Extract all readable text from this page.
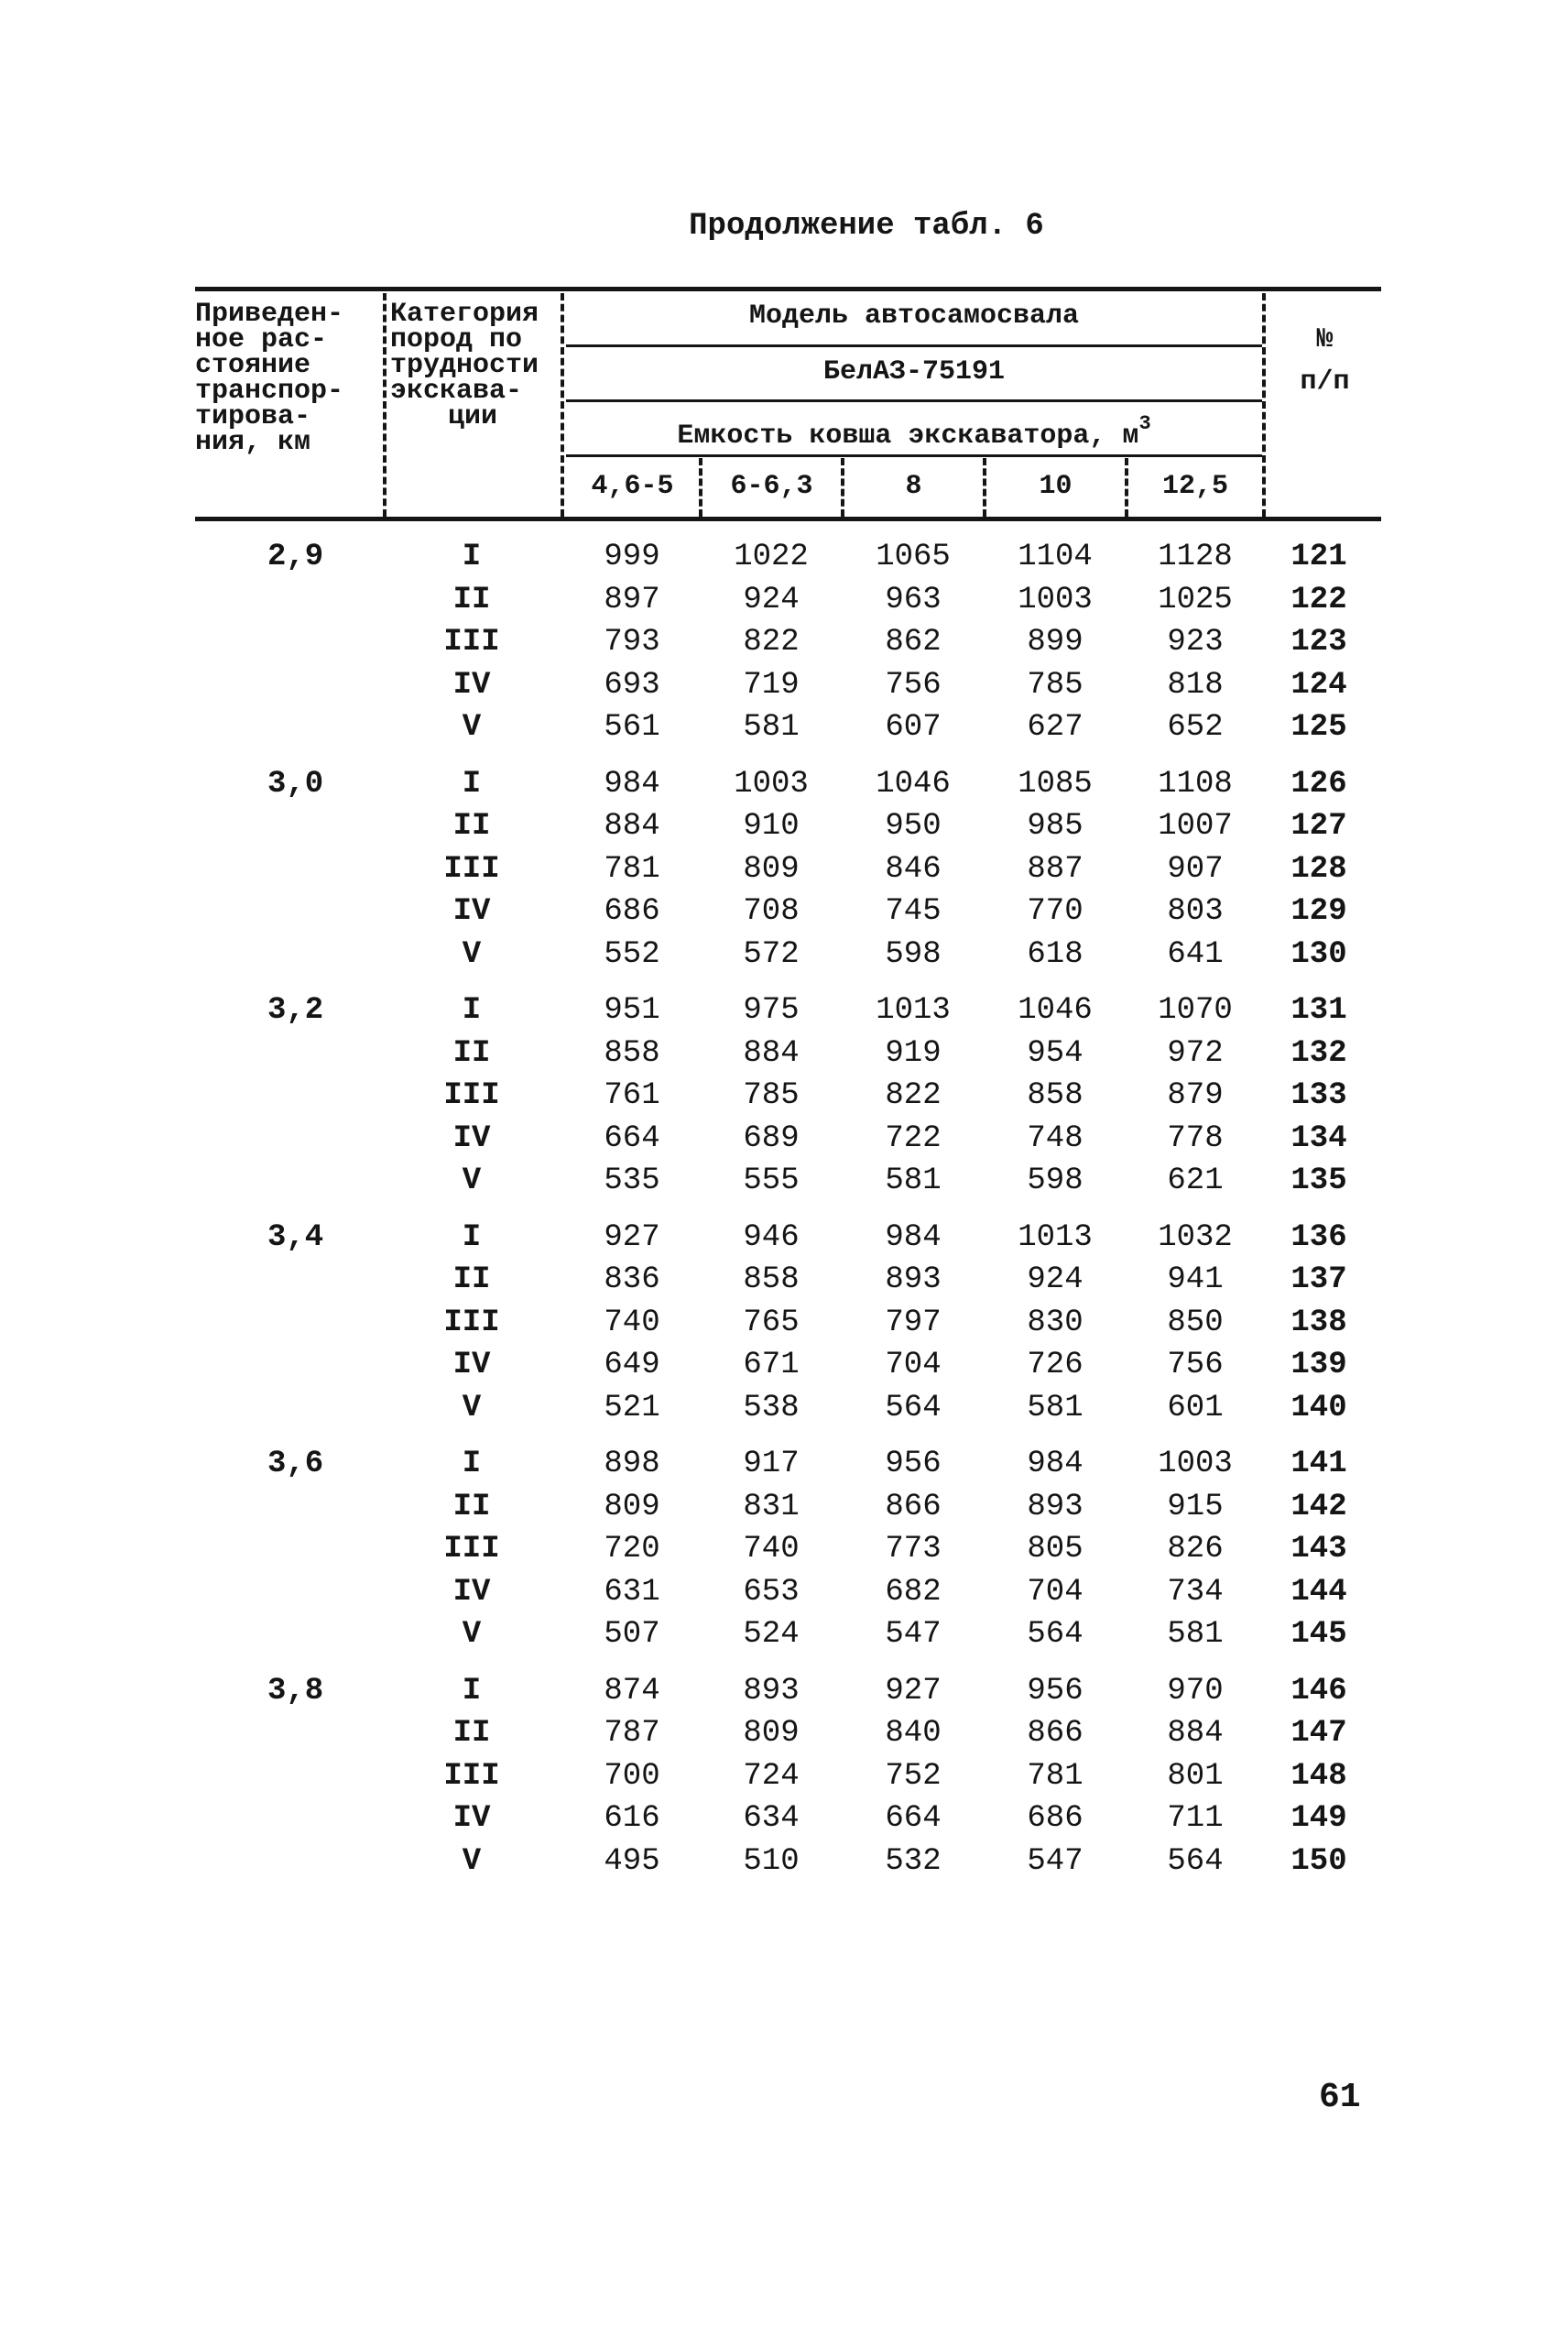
Продолжение табл. 6
Приведен-
ное рас-
стояние
транспор-
тирова-
ния, км
Категория
пород по
трудности
экскава-
ции
Модель автосамосвала
БелАЗ-75191
Емкость ковша экскаватора, $м^3$
4,6-5	6-6,3	8	10	12,5
№
п/п
2,9	I	999	1022	1065	1104	1128	121
II	897	924	963	1003	1025	122
III	793	822	862	899	923	123
IV	693	719	756	785	818	124
V	561	581	607	627	652	125
3,0	I	984	1003	1046	1085	1108	126
II	884	910	950	985	1007	127
III	781	809	846	887	907	128
IV	686	708	745	770	803	129
V	552	572	598	618	641	130
3,2	I	951	975	1013	1046	1070	131
II	858	884	919	954	972	132
III	761	785	822	858	879	133
IV	664	689	722	748	778	134
V	535	555	581	598	621	135
3,4	I	927	946	984	1013	1032	136
II	836	858	893	924	941	137
III	740	765	797	830	850	138
IV	649	671	704	726	756	139
V	521	538	564	581	601	140
3,6	I	898	917	956	984	1003	141
II	809	831	866	893	915	142
III	720	740	773	805	826	143
IV	631	653	682	704	734	144
V	507	524	547	564	581	145
3,8	I	874	893	927	956	970	146
II	787	809	840	866	884	147
III	700	724	752	781	801	148
IV	616	634	664	686	711	149
V	495	510	532	547	564	150
61
